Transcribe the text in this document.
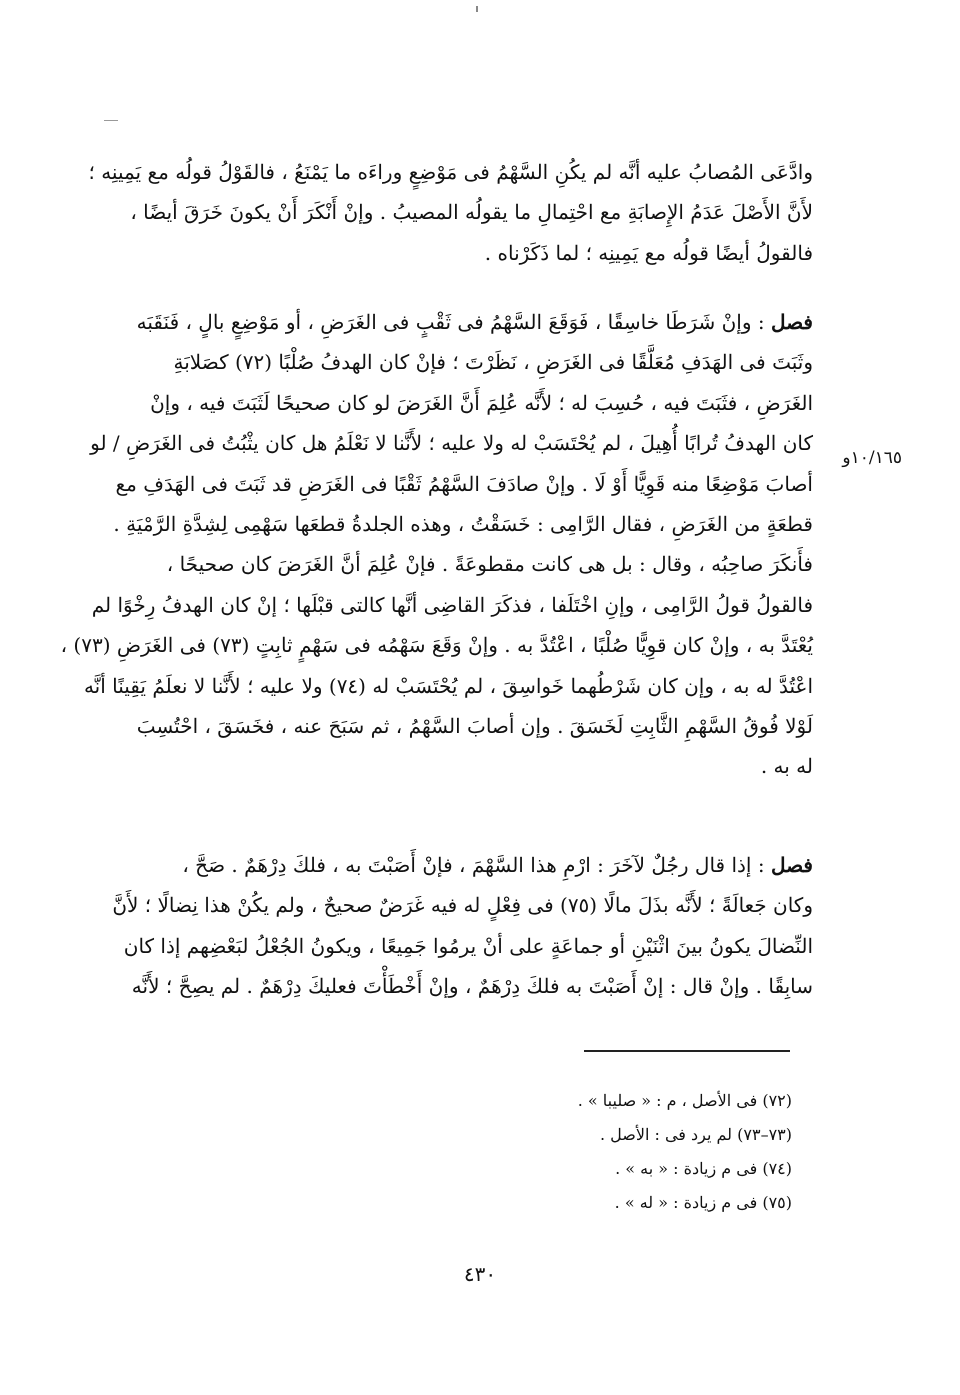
وادَّعَى المُصابُ عليه أنَّه لم يكُنِ السَّهْمُ فى مَوْضِعٍ وراءَه ما يَمْنَعُ ، فالقَوْلُ قولُه مع يَمِينِه ؛
لأَنَّ الأَصْلَ عَدَمُ الإِصابَةِ مع احْتِمالِ ما يقولُه المصيبُ . وإنْ أَنْكَرَ أَنْ يكونَ خَرَقَ أيضًا ،
فالقولُ أيضًا قولُه مع يَمِينِه ؛ لما ذَكَرْناه .
فصل : وإنْ شَرَطَا خاسِقًا ، فَوَقَعَ السَّهْمُ فى ثَقْبٍ فى الغَرَضِ ، أو مَوْضِعٍ بالٍ ، فَنَقَبَه
وثَبَتَ فى الهَدَفِ مُعَلَّقًا فى الغَرَضِ ، نَظَرْتَ ؛ فإنْ كان الهدفُ صُلْبًا (٧٢) كصَلابَةِ
الغَرَضِ ، فثَبَتَ فيه ، حُسِبَ له ؛ لأَنَّه عُلِمَ أَنَّ الغَرَضَ لو كان صحيحًا لَثَبَتَ فيه ، وإنْ
كان الهدفُ تُرابًا أُهِيلَ ، لم يُحْتَسَبْ له ولا عليه ؛ لأَنَّنا لا نَعْلَمُ هل كان يثْبُتُ فى الغَرَضِ / لو
أصابَ مَوْضِعًا منه قَوِيًّا أَوْ لَا . وإنْ صادَفَ السَّهْمُ ثَقْبًا فى الغَرَضِ قد ثَبَتَ فى الهَدَفِ مع
قطعَةٍ من الغَرَضِ ، فقال الرَّامِى : خَسَقْتُ ، وهذه الجلدةُ قطعَها سَهْمِى لِشِدَّةِ الرَّمْيَةِ .
فأَنكَرَ صاحِبُه ، وقال : بل هى كانت مقطوعَةً . فإنْ عُلِمَ أنَّ الغَرَضَ كان صحيحًا ،
فالقولُ قولُ الرَّامِى ، وإنِ اخْتَلَفا ، فذكَرَ القاضِى أنَّها كالتى قبْلَها ؛ إنْ كان الهدفُ رِخْوًا لم
يُعْتَدَّ به ، وإنْ كان قوِيًّا صُلْبًا ، اعْتُدَّ به . وإنْ وَقَعَ سَهْمُه فى سَهْمٍ ثابِتٍ (٧٣) فى الغَرَضِ (٧٣) ،
اعْتُدَّ له به ، وإن كان شَرْطُهما خَواسِقَ ، لم يُحْتَسَبْ له (٧٤) ولا عليه ؛ لأَنَّنا لا نعلَمُ يَقِينًا أنَّه
لَوْلا فُوقُ السَّهْمِ الثَّابِتِ لَخَسَقَ . وإن أصابَ السَّهْمُ ، ثم سَبَحَ عنه ، فخَسَقَ ، احْتُسِبَ
له به .
فصل : إذا قال رجُلٌ لآخَرَ : ارْمِ هذا السَّهْمَ ، فإنْ أَصَبْتَ به ، فلكَ دِرْهَمٌ . صَحَّ ،
وكان جَعالَةً ؛ لأَنَّه بذَلَ مالًا (٧٥) فى فِعْلٍ له فيه غَرَضٌ صحيحٌ ، ولم يكُنْ هذا نِضالًا ؛ لأَنَّ
النِّضالَ يكونُ بينَ اثْنَيْنِ أو جماعَةٍ على أنْ يرمُوا جَمِيعًا ، ويكونُ الجُعْلُ لبَعْضِهم إذا كان
سابِقًا . وإنْ قال : إنْ أَصَبْتَ به فلكَ دِرْهَمٌ ، وإنْ أَخْطَأْتَ فعليكَ دِرْهَمٌ . لم يصِحَّ ؛ لأَنَّه
١٠/١٦٥و
(٧٢) فى الأصل ، م : « صليبا » .
(٧٣–٧٣) لم يرد فى : الأصل .
(٧٤) فى م زيادة : « به » .
(٧٥) فى م زيادة : « له » .
٤٣٠
